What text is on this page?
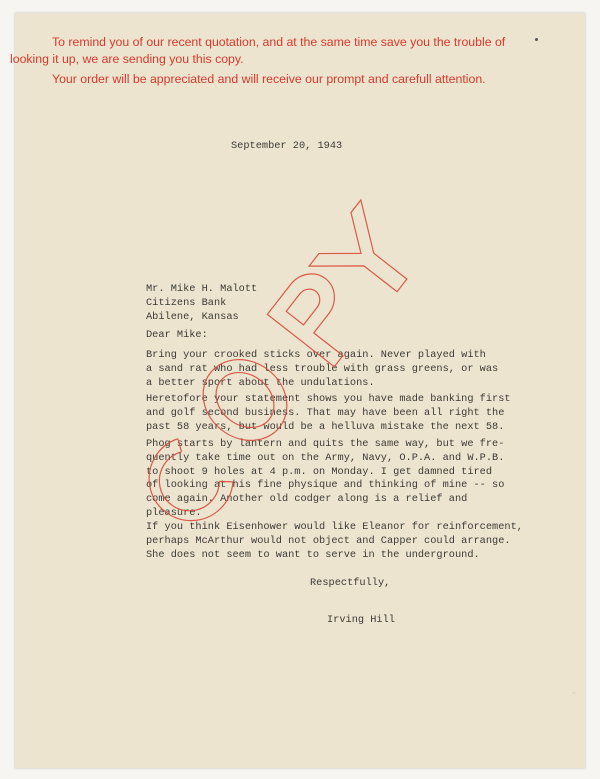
To remind you of our recent quotation, and at the same time save you the trouble of
looking it up, we are sending you this copy.
Your order will be appreciated and will receive our prompt and carefull attention.
September 20, 1943
Mr. Mike H. Malott
Citizens Bank
Abilene, Kansas
Dear Mike:
Bring your crooked sticks over again. Never played with
a sand rat who had less trouble with grass greens, or was
a better sport about the undulations.
Heretofore your statement shows you have made banking first
and golf second business. That may have been all right the
past 58 years, but would be a helluva mistake the next 58.
Phog starts by lantern and quits the same way, but we fre-
quently take time out on the Army, Navy, O.P.A. and W.P.B.
to shoot 9 holes at 4 p.m. on Monday. I get damned tired
of looking at his fine physique and thinking of mine -- so
come again. Another old codger along is a relief and
pleasure.
If you think Eisenhower would like Eleanor for reinforcement,
perhaps McArthur would not object and Capper could arrange.
She does not seem to want to serve in the underground.
Respectfully,
Irving Hill
~
